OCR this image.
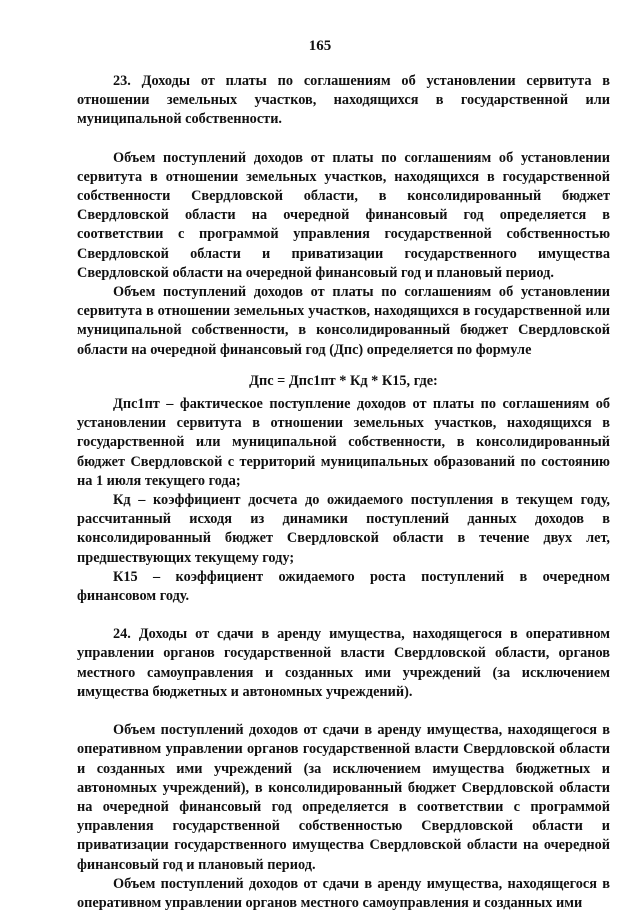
165

23. Доходы от платы по соглашениям об установлении сервитута в отношении земельных участков, находящихся в государственной или муниципальной собственности.

Объем поступлений доходов от платы по соглашениям об установлении сервитута в отношении земельных участков, находящихся в государственной собственности Свердловской области, в консолидированный бюджет Свердловской области на очередной финансовый год определяется в соответствии с программой управления государственной собственностью Свердловской области и приватизации государственного имущества Свердловской области на очередной финансовый год и плановый период.

Объем поступлений доходов от платы по соглашениям об установлении сервитута в отношении земельных участков, находящихся в государственной или муниципальной собственности, в консолидированный бюджет Свердловской области на очередной финансовый год (Дпс) определяется по формуле

Дпс = Дпс1пт * Кд * К15, где:

Дпс1пт – фактическое поступление доходов от платы по соглашениям об установлении сервитута в отношении земельных участков, находящихся в государственной или муниципальной собственности, в консолидированный бюджет Свердловской с территорий муниципальных образований по состоянию на 1 июля текущего года;

Кд – коэффициент досчета до ожидаемого поступления в текущем году, рассчитанный исходя из динамики поступлений данных доходов в консолидированный бюджет Свердловской области в течение двух лет, предшествующих текущему году;

К15 – коэффициент ожидаемого роста поступлений в очередном финансовом году.

24. Доходы от сдачи в аренду имущества, находящегося в оперативном управлении органов государственной власти Свердловской области, органов местного самоуправления и созданных ими учреждений (за исключением имущества бюджетных и автономных учреждений).

Объем поступлений доходов от сдачи в аренду имущества, находящегося в оперативном управлении органов государственной власти Свердловской области и созданных ими учреждений (за исключением имущества бюджетных и автономных учреждений), в консолидированный бюджет Свердловской области на очередной финансовый год определяется в соответствии с программой управления государственной собственностью Свердловской области и приватизации государственного имущества Свердловской области на очередной финансовый год и плановый период.

Объем поступлений доходов от сдачи в аренду имущества, находящегося в оперативном управлении органов местного самоуправления и созданных ими
